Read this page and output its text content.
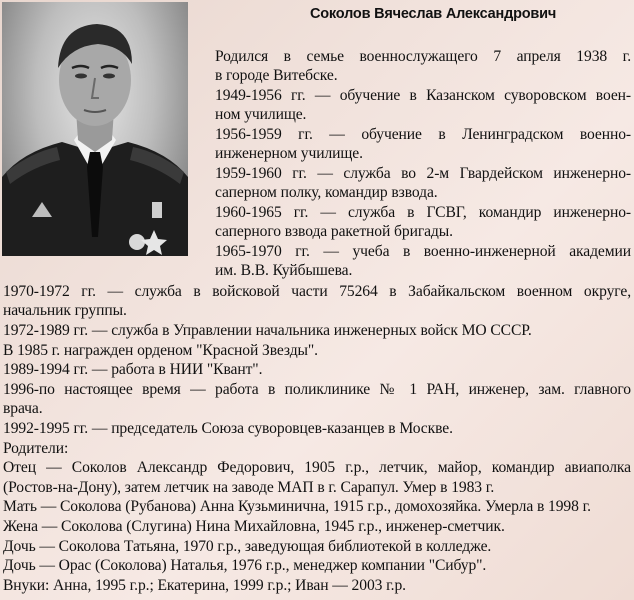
Соколов Вячеслав Александрович
Родился в семье военнослужащего 7 апреля 1938 г.
в городе Витебске.
1949-1956 гг. — обучение в Казанском суворовском воен-
ном училище.
1956-1959 гг. — обучение в Ленинградском военно-
инженерном училище.
1959-1960 гг. — служба во 2-м Гвардейском инженерно-
саперном полку, командир взвода.
1960-1965 гг. — служба в ГСВГ, командир инженерно-
саперного взвода ракетной бригады.
1965-1970 гг. — учеба в военно-инженерной академии
им. В.В. Куйбышева.
1970-1972 гг. — служба в войсковой части 75264 в Забайкальском военном округе,
начальник группы.
1972-1989 гг. — служба в Управлении начальника инженерных войск МО СССР.
В 1985 г. награжден орденом "Красной Звезды".
1989-1994 гг. — работа в НИИ "Квант".
1996-по настоящее время — работа в поликлинике № 1 РАН, инженер, зам. главного
врача.
1992-1995 гг. — председатель Союза суворовцев-казанцев в Москве.
Родители:
Отец — Соколов Александр Федорович, 1905 г.р., летчик, майор, командир авиаполка
(Ростов-на-Дону), затем летчик на заводе МАП в г. Сарапул. Умер в 1983 г.
Мать — Соколова (Рубанова) Анна Кузьминична, 1915 г.р., домохозяйка. Умерла в 1998 г.
Жена — Соколова (Слугина) Нина Михайловна, 1945 г.р., инженер-сметчик.
Дочь — Соколова Татьяна, 1970 г.р., заведующая библиотекой в колледже.
Дочь — Орас (Соколова) Наталья, 1976 г.р., менеджер компании "Сибур".
Внуки: Анна, 1995 г.р.; Екатерина, 1999 г.р.; Иван — 2003 г.р.
